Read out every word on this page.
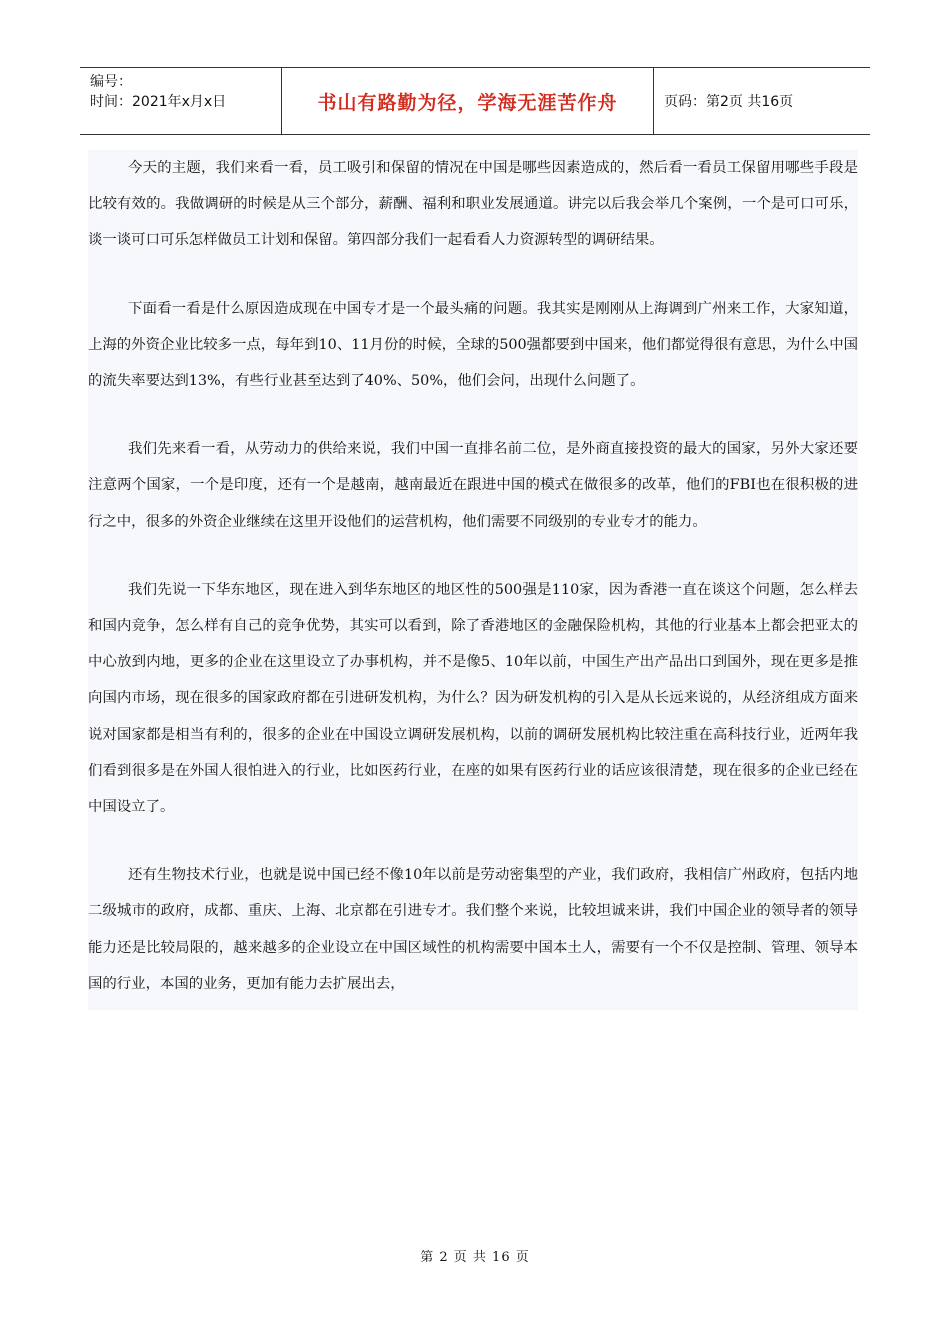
编号：
时间：2021年x月x日	书山有路勤为径，学海无涯苦作舟	页码：第2页 共16页

今天的主题，我们来看一看，员工吸引和保留的情况在中国是哪些因素造成的，然后看一看员工保留用哪些手段是比较有效的。我做调研的时候是从三个部分，薪酬、福利和职业发展通道。讲完以后我会举几个案例，一个是可口可乐，谈一谈可口可乐怎样做员工计划和保留。第四部分我们一起看看人力资源转型的调研结果。

下面看一看是什么原因造成现在中国专才是一个最头痛的问题。我其实是刚刚从上海调到广州来工作，大家知道，上海的外资企业比较多一点，每年到10、11月份的时候，全球的500强都要到中国来，他们都觉得很有意思，为什么中国的流失率要达到13%，有些行业甚至达到了40%、50%，他们会问，出现什么问题了。

我们先来看一看，从劳动力的供给来说，我们中国一直排名前二位，是外商直接投资的最大的国家，另外大家还要注意两个国家，一个是印度，还有一个是越南，越南最近在跟进中国的模式在做很多的改革，他们的FBI也在很积极的进行之中，很多的外资企业继续在这里开设他们的运营机构，他们需要不同级别的专业专才的能力。

我们先说一下华东地区，现在进入到华东地区的地区性的500强是110家，因为香港一直在谈这个问题，怎么样去和国内竞争，怎么样有自己的竞争优势，其实可以看到，除了香港地区的金融保险机构，其他的行业基本上都会把亚太的中心放到内地，更多的企业在这里设立了办事机构，并不是像5、10年以前，中国生产出产品出口到国外，现在更多是推向国内市场，现在很多的国家政府都在引进研发机构，为什么？因为研发机构的引入是从长远来说的，从经济组成方面来说对国家都是相当有利的，很多的企业在中国设立调研发展机构，以前的调研发展机构比较注重在高科技行业，近两年我们看到很多是在外国人很怕进入的行业，比如医药行业，在座的如果有医药行业的话应该很清楚，现在很多的企业已经在中国设立了。

还有生物技术行业，也就是说中国已经不像10年以前是劳动密集型的产业，我们政府，我相信广州政府，包括内地二级城市的政府，成都、重庆、上海、北京都在引进专才。我们整个来说，比较坦诚来讲，我们中国企业的领导者的领导能力还是比较局限的，越来越多的企业设立在中国区域性的机构需要中国本土人，需要有一个不仅是控制、管理、领导本国的行业，本国的业务，更加有能力去扩展出去，

第 2 页 共 16 页
